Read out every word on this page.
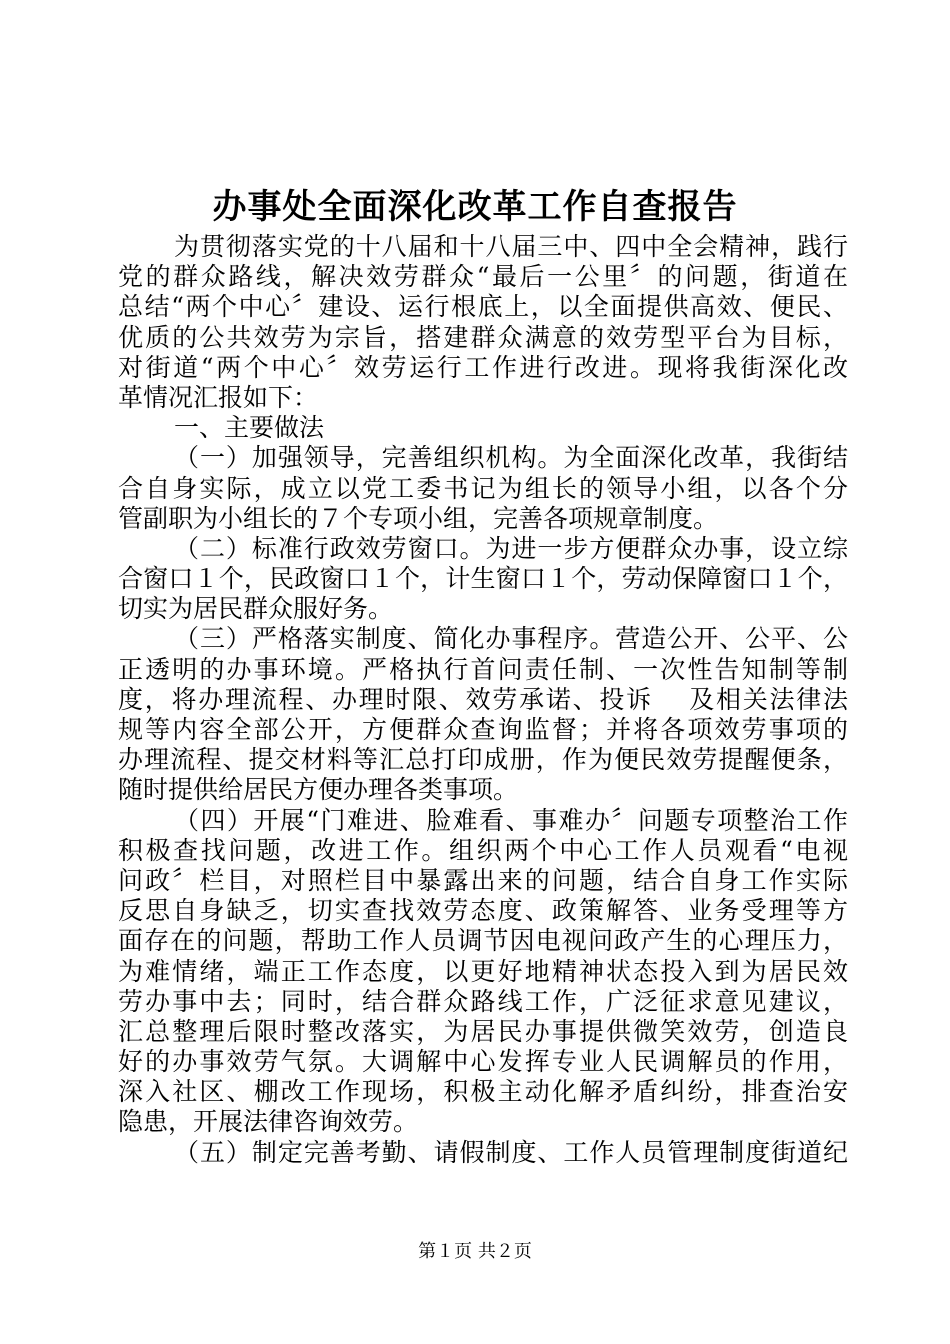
办事处全面深化改革工作自查报告
为贯彻落实党的十八届和十八届三中、四中全会精神，践行
党的群众路线，解决效劳群众“最后一公里〞的问题，街道在
总结“两个中心〞建设、运行根底上，以全面提供高效、便民、
优质的公共效劳为宗旨，搭建群众满意的效劳型平台为目标，
对街道“两个中心〞效劳运行工作进行改进。现将我街深化改
革情况汇报如下：
一、主要做法
（一）加强领导，完善组织机构。为全面深化改革，我街结
合自身实际，成立以党工委书记为组长的领导小组，以各个分
管副职为小组长的７个专项小组，完善各项规章制度。
（二）标准行政效劳窗口。为进一步方便群众办事，设立综
合窗口１个，民政窗口１个，计生窗口１个，劳动保障窗口１个，
切实为居民群众服好务。
（三）严格落实制度、简化办事程序。营造公开、公平、公
正透明的办事环境。严格执行首问责任制、一次性告知制等制
度，将办理流程、办理时限、效劳承诺、投诉　 及相关法律法
规等内容全部公开，方便群众查询监督；并将各项效劳事项的
办理流程、提交材料等汇总打印成册，作为便民效劳提醒便条，
随时提供给居民方便办理各类事项。
（四）开展“门难进、脸难看、事难办〞问题专项整治工作
积极查找问题，改进工作。组织两个中心工作人员观看“电视
问政〞栏目，对照栏目中暴露出来的问题，结合自身工作实际
反思自身缺乏，切实查找效劳态度、政策解答、业务受理等方
面存在的问题，帮助工作人员调节因电视问政产生的心理压力，
为难情绪，端正工作态度，以更好地精神状态投入到为居民效
劳办事中去；同时，结合群众路线工作，广泛征求意见建议，
汇总整理后限时整改落实，为居民办事提供微笑效劳，创造良
好的办事效劳气氛。大调解中心发挥专业人民调解员的作用，
深入社区、棚改工作现场，积极主动化解矛盾纠纷，排查治安
隐患，开展法律咨询效劳。
（五）制定完善考勤、请假制度、工作人员管理制度街道纪
第１页 共２页
